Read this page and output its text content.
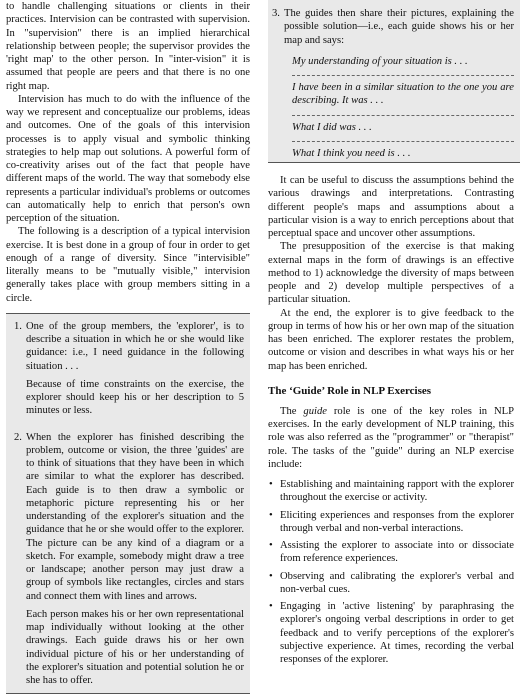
to handle challenging situations or clients in their practices. Intervision can be contrasted with supervision. In "supervision" there is an implied hierarchical relationship between people; the supervisor provides the 'right map' to the other person. In "inter-vision" it is assumed that people are peers and that there is no one right map.

Intervision has much to do with the influence of the way we represent and conceptualize our problems, ideas and outcomes. One of the goals of this intervision processes is to apply visual and symbolic thinking strategies to help map out solutions. A powerful form of co-creativity arises out of the fact that people have different maps of the world. The way that somebody else represents a particular individual's problems or outcomes can automatically help to enrich that person's own perception of the situation.

The following is a description of a typical intervision exercise. It is best done in a group of four in order to get enough of a range of diversity. Since "intervisible" literally means to be "mutually visible," intervision generally takes place with group members sitting in a circle.

1. One of the group members, the 'explorer', is to describe a situation in which he or she would like guidance: i.e., I need guidance in the following situation . . .

Because of time constraints on the exercise, the explorer should keep his or her description to 5 minutes or less.

2. When the explorer has finished describing the problem, outcome or vision, the three 'guides' are to think of situations that they have been in which are similar to what the explorer has described. Each guide is to then draw a symbolic or metaphoric picture representing his or her understanding of the explorer's situation and the guidance that he or she would offer to the explorer. The picture can be any kind of a diagram or a sketch. For example, somebody might draw a tree or landscape; another person may just draw a group of symbols like rectangles, circles and stars and connect them with lines and arrows.

Each person makes his or her own representational map individually without looking at the other drawings. Each guide draws his or her own individual picture of his or her understanding of the explorer's situation and potential solution he or she has to offer.

3. The guides then share their pictures, explaining the possible solution—i.e., each guide shows his or her map and says:

My understanding of your situation is . . .

I have been in a similar situation to the one you are describing. It was . . .

What I did was . . .

What I think you need is . . .

It can be useful to discuss the assumptions behind the various drawings and interpretations. Contrasting different people's maps and assumptions about a particular vision is a way to enrich perceptions about that perceptual space and uncover other assumptions.

The presupposition of the exercise is that making external maps in the form of drawings is an effective method to 1) acknowledge the diversity of maps between people and 2) develop multiple perspectives of a particular situation.

At the end, the explorer is to give feedback to the group in terms of how his or her own map of the situation has been enriched. The explorer restates the problem, outcome or vision and describes in what ways his or her map has been enriched.

The ‘Guide’ Role in NLP Exercises

The guide role is one of the key roles in NLP exercises. In the early development of NLP training, this role was also referred as the "programmer" or "therapist" role. The tasks of the "guide" during an NLP exercise include:

• Establishing and maintaining rapport with the explorer throughout the exercise or activity.
• Eliciting experiences and responses from the explorer through verbal and non-verbal interactions.
• Assisting the explorer to associate into or dissociate from reference experiences.
• Observing and calibrating the explorer's verbal and non-verbal cues.
• Engaging in 'active listening' by paraphrasing the explorer's ongoing verbal descriptions in order to get feedback and to verify perceptions of the explorer's subjective experience. At times, recording the verbal responses of the explorer.
